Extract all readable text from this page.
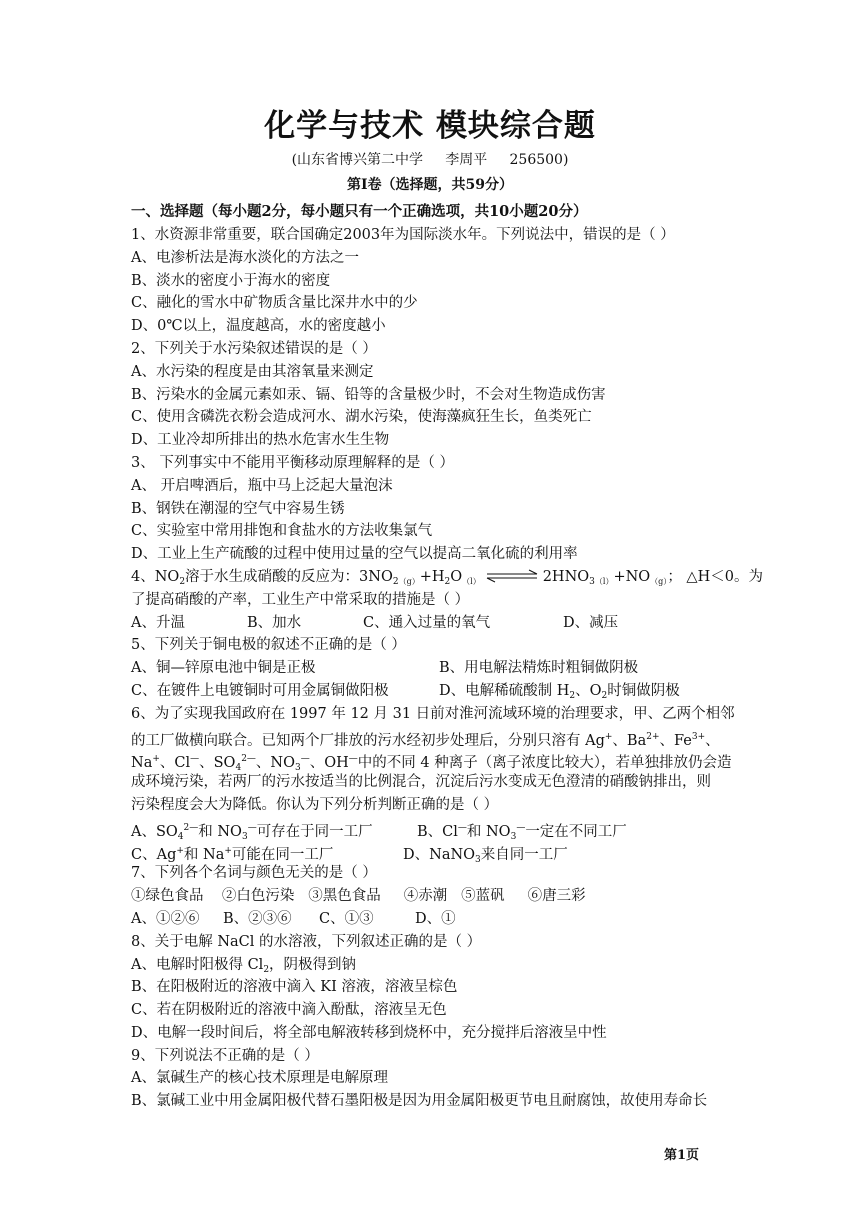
化学与技术 模块综合题
(山东省博兴第二中学     李周平     256500)
第Ⅰ卷（选择题，共59分）
一、选择题（每小题2分，每小题只有一个正确选项，共10小题20分）
1、水资源非常重要，联合国确定2003年为国际淡水年。下列说法中，错误的是（ ）
A、电渗析法是海水淡化的方法之一
B、淡水的密度小于海水的密度
C、融化的雪水中矿物质含量比深井水中的少
D、0℃以上，温度越高，水的密度越小
2、下列关于水污染叙述错误的是（ ）
A、水污染的程度是由其溶氧量来测定
B、污染水的金属元素如汞、镉、铅等的含量极少时，不会对生物造成伤害
C、使用含磷洗衣粉会造成河水、湖水污染，使海藻疯狂生长，鱼类死亡
D、工业冷却所排出的热水危害水生生物
3、 下列事实中不能用平衡移动原理解释的是（ ）
A、 开启啤酒后，瓶中马上泛起大量泡沫
B、钢铁在潮湿的空气中容易生锈
C、实验室中常用排饱和食盐水的方法收集氯气
D、工业上生产硫酸的过程中使用过量的空气以提高二氧化硫的利用率
4、$NO_2$溶于水生成硝酸的反应为：$3NO_{2(g)}+H_2O_{(l)}$	$2HNO_{3(l)}+NO_{(g)}$； △H＜0。为
了提高硝酸的产率，工业生产中常采取的措施是（ ）
A、升温	B、加水	C、通入过量的氧气	D、减压
5、下列关于铜电极的叙述不正确的是（ ）
A、铜—锌原电池中铜是正极	B、用电解法精炼时粗铜做阴极
C、在镀件上电镀铜时可用金属铜做阳极	D、电解稀硫酸制 $H_2$、$O_2$时铜做阴极
6、为了实现我国政府在 1997 年 12 月 31 日前对淮河流域环境的治理要求，甲、乙两个相邻
的工厂做横向联合。已知两个厂排放的污水经初步处理后，分别只溶有 Ag+、$Ba^{2+}$、$Fe^{3+}$、
Na+、Cl—、$SO_4^{2—}$、$NO_3^—$、OH—中的不同 4 种离子（离子浓度比较大），若单独排放仍会造
成环境污染，若两厂的污水按适当的比例混合，沉淀后污水变成无色澄清的硝酸钠排出，则
污染程度会大为降低。你认为下列分析判断正确的是（ ）
A、$SO_4^{2—}$和 $NO_3^—$可存在于同一工厂	B、Cl—和 $NO_3^—$一定在不同工厂
C、Ag+和 Na+可能在同一工厂	D、NaNO$_3$来自同一工厂
7、下列各个名词与颜色无关的是（ ）
①绿色食品    ②白色污染   ③黑色食品     ④赤潮   ⑤蓝矾     ⑥唐三彩
A、①②⑥ B、②③⑥ C、①③	D、①
8、关于电解 NaCl 的水溶液，下列叙述正确的是（ ）
A、电解时阳极得 $Cl_2$，阴极得到钠
B、在阳极附近的溶液中滴入 KI 溶液，溶液呈棕色
C、若在阴极附近的溶液中滴入酚酞，溶液呈无色
D、电解一段时间后，将全部电解液转移到烧杯中，充分搅拌后溶液呈中性
9、下列说法不正确的是（ ）
A、氯碱生产的核心技术原理是电解原理
B、氯碱工业中用金属阳极代替石墨阳极是因为用金属阳极更节电且耐腐蚀，故使用寿命长
第1页
